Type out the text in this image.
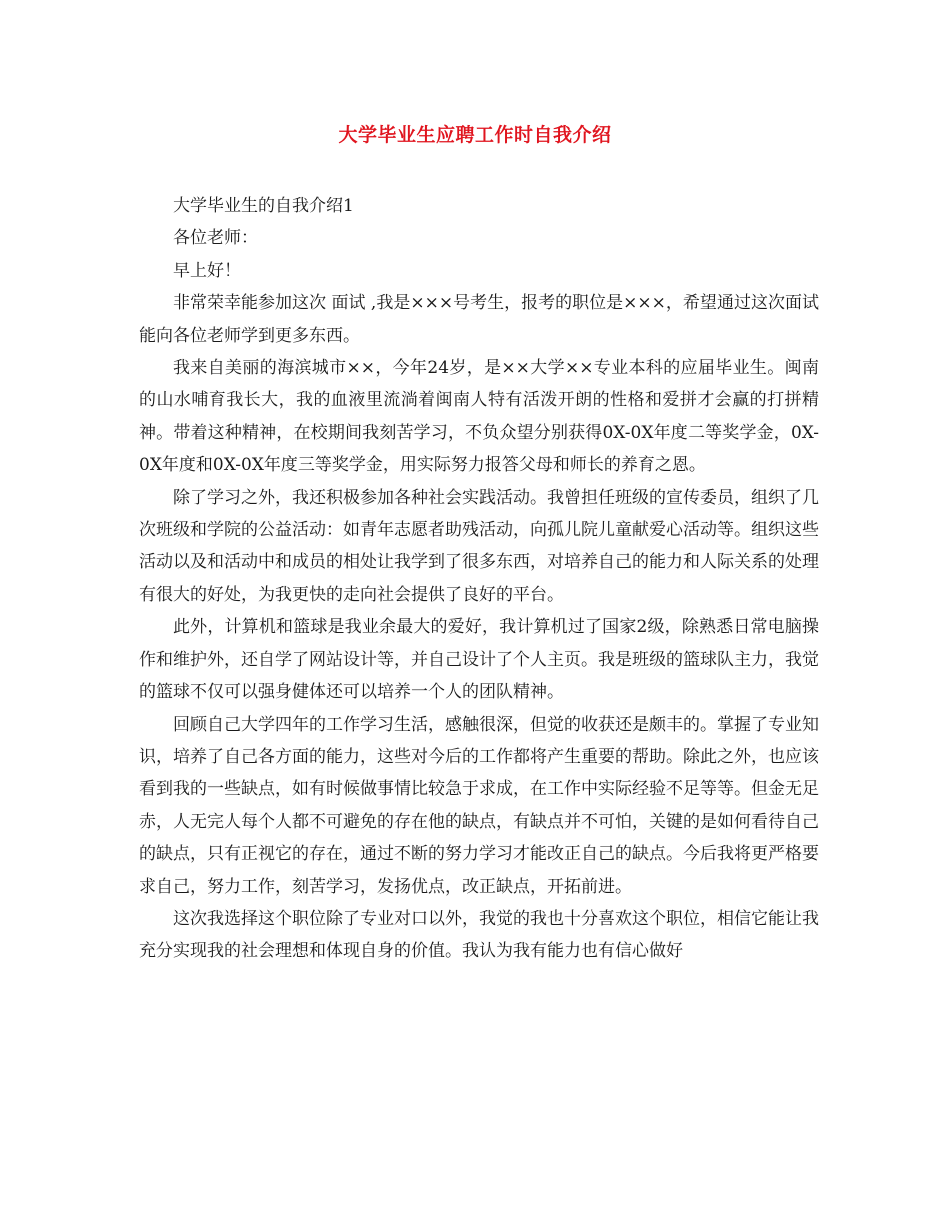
大学毕业生应聘工作时自我介绍

大学毕业生的自我介绍1

各位老师：

早上好！

非常荣幸能参加这次 面试 ,我是×××号考生，报考的职位是×××，希望通过这次面试能向各位老师学到更多东西。

我来自美丽的海滨城市××，今年24岁，是××大学××专业本科的应届毕业生。闽南的山水哺育我长大，我的血液里流淌着闽南人特有活泼开朗的性格和爱拼才会赢的打拼精神。带着这种精神，在校期间我刻苦学习，不负众望分别获得0X-0X年度二等奖学金，0X-0X年度和0X-0X年度三等奖学金，用实际努力报答父母和师长的养育之恩。

除了学习之外，我还积极参加各种社会实践活动。我曾担任班级的宣传委员，组织了几次班级和学院的公益活动：如青年志愿者助残活动，向孤儿院儿童献爱心活动等。组织这些活动以及和活动中和成员的相处让我学到了很多东西，对培养自己的能力和人际关系的处理有很大的好处，为我更快的走向社会提供了良好的平台。

此外，计算机和篮球是我业余最大的爱好，我计算机过了国家2级，除熟悉日常电脑操作和维护外，还自学了网站设计等，并自己设计了个人主页。我是班级的篮球队主力，我觉的篮球不仅可以强身健体还可以培养一个人的团队精神。

回顾自己大学四年的工作学习生活，感触很深，但觉的收获还是颇丰的。掌握了专业知识，培养了自己各方面的能力，这些对今后的工作都将产生重要的帮助。除此之外，也应该看到我的一些缺点，如有时候做事情比较急于求成，在工作中实际经验不足等等。但金无足赤，人无完人每个人都不可避免的存在他的缺点，有缺点并不可怕，关键的是如何看待自己的缺点，只有正视它的存在，通过不断的努力学习才能改正自己的缺点。今后我将更严格要求自己，努力工作，刻苦学习，发扬优点，改正缺点，开拓前进。

这次我选择这个职位除了专业对口以外，我觉的我也十分喜欢这个职位，相信它能让我充分实现我的社会理想和体现自身的价值。我认为我有能力也有信心做好
